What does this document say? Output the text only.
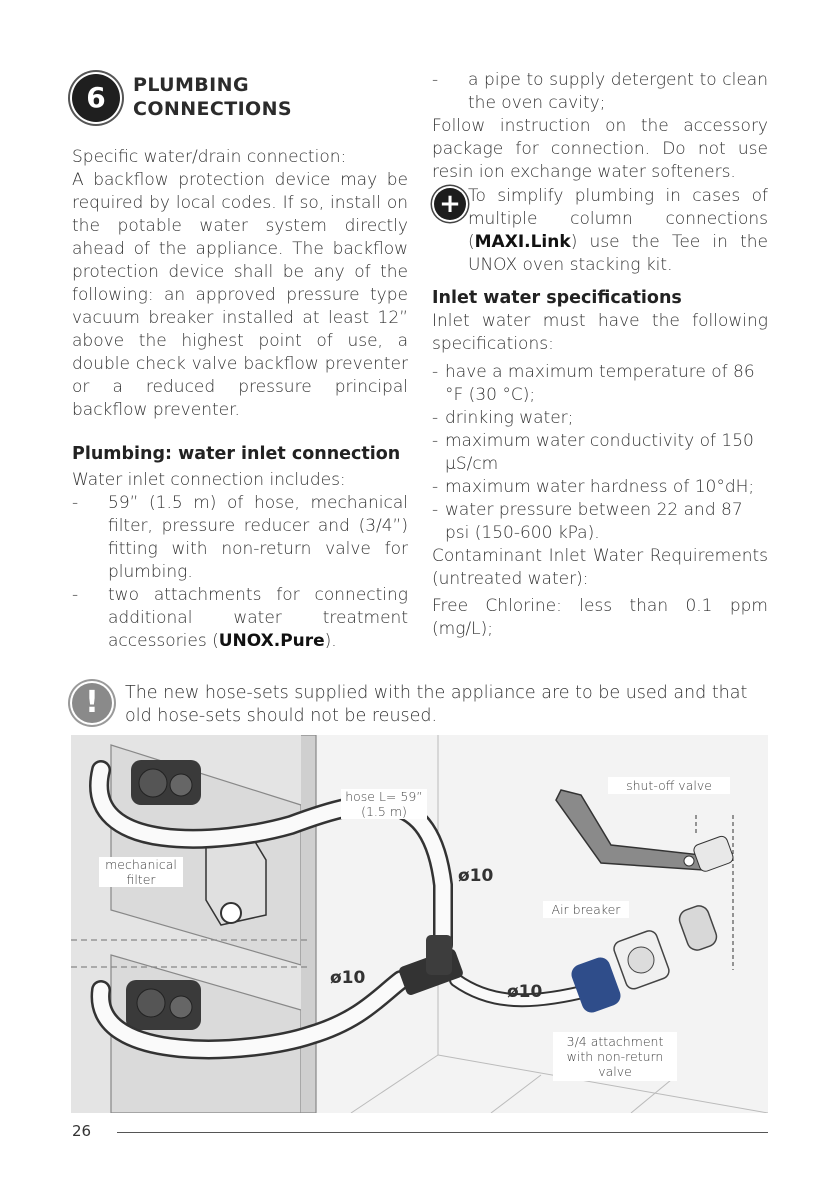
6	PLUMBING
CONNECTIONS
Specific water/drain connection:
A backflow protection device may be required by local codes. If so, install on the potable water system directly ahead of the appliance. The backflow protection device shall be any of the following: an approved pressure type vacuum breaker installed at least 12” above the highest point of use, a double check valve backflow preventer or a reduced pressure principal backflow preventer.
Plumbing: water inlet connection
Water inlet connection includes:
- 59” (1.5 m) of hose, mechanical filter, pressure reducer and (3/4”) fitting with non-return valve for plumbing.
- two attachments for connecting additional water treatment accessories (UNOX.Pure).
- a pipe to supply detergent to clean the oven cavity;
Follow instruction on the accessory package for connection. Do not use resin ion exchange water softeners.
To simplify plumbing in cases of multiple column connections (MAXI.Link) use the Tee in the UNOX oven stacking kit.
Inlet water specifications
Inlet water must have the following specifications:
- have a maximum temperature of 86 °F (30 °C);
- drinking water;
- maximum water conductivity of 150 µS/cm
- maximum water hardness of 10°dH;
- water pressure between 22 and 87 psi (150-600 kPa).
Contaminant Inlet Water Requirements (untreated water):
Free Chlorine: less than 0.1 ppm (mg/L);
+
!	The new hose-sets supplied with the appliance are to be used and that old hose-sets should not be reused.
hose L= 59”
(1.5 m)
mechanical
filter
shut-off valve
Air breaker
3/4 attachment
with non-return
valve
ø10
ø10
ø10
26
